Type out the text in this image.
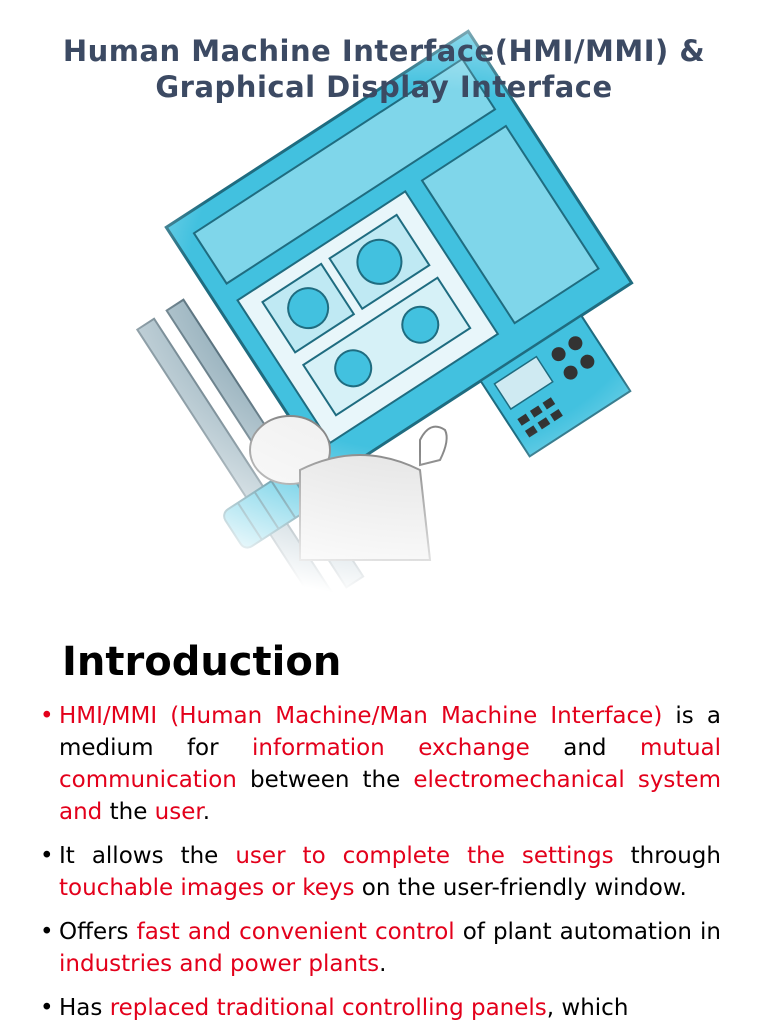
Human Machine Interface(HMI/MMI) & Graphical Display Interface
Introduction
• HMI/MMI (Human Machine/Man Machine Interface) is a medium for information exchange and mutual communication between the electromechanical system and the user.
• It allows the user to complete the settings through touchable images or keys on the user-friendly window.
• Offers fast and convenient control of plant automation in industries and power plants.
• Has replaced traditional controlling panels, which
